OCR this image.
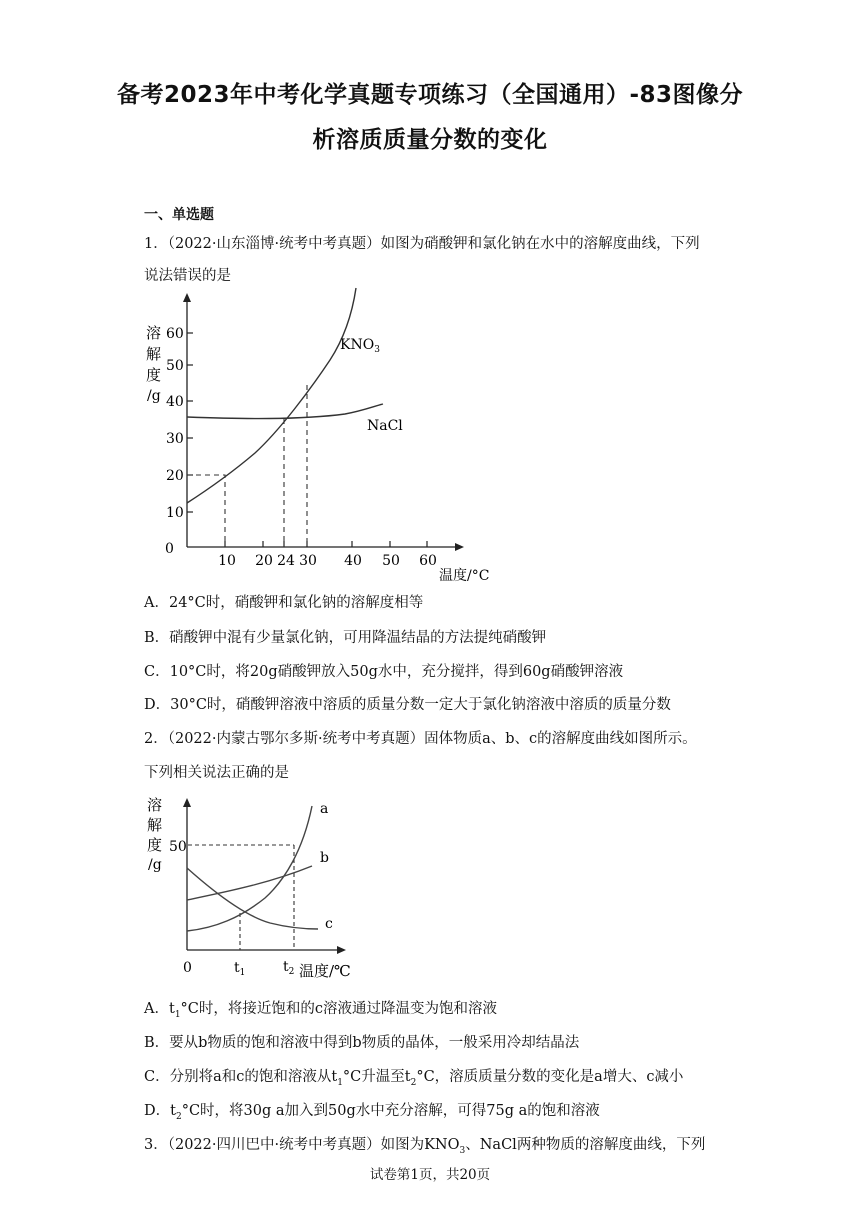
备考2023年中考化学真题专项练习（全国通用）-83图像分
析溶质质量分数的变化
一、单选题
1．（2022·山东淄博·统考中考真题）如图为硝酸钾和氯化钠在水中的溶解度曲线，下列
说法错误的是
溶
解
度
/g
0
10
20
30
40
50
60
10 20 24 30 40 50 60
温度/°C
$KNO_3$
NaCl
A．24°C时，硝酸钾和氯化钠的溶解度相等
B．硝酸钾中混有少量氯化钠，可用降温结晶的方法提纯硝酸钾
C．10°C时，将20g硝酸钾放入50g水中，充分搅拌，得到60g硝酸钾溶液
D．30°C时，硝酸钾溶液中溶质的质量分数一定大于氯化钠溶液中溶质的质量分数
2．（2022·内蒙古鄂尔多斯·统考中考真题）固体物质a、b、c的溶解度曲线如图所示。
下列相关说法正确的是
溶
解
度
/g
50
0	$t_1$	$t_2$ 温度/℃
a
b
c
A．$t_1^\circ C$时，将接近饱和的c溶液通过降温变为饱和溶液
B．要从b物质的饱和溶液中得到b物质的晶体，一般采用冷却结晶法
C．分别将a和c的饱和溶液从$t_1^\circ C$升温至$t_2^\circ C$，溶质质量分数的变化是a增大、c减小
D．$t_2^\circ C$时，将30g a加入到50g水中充分溶解，可得75g a的饱和溶液
3．（2022·四川巴中·统考中考真题）如图为$KNO_3$、NaCl两种物质的溶解度曲线，下列
试卷第1页，共20页
